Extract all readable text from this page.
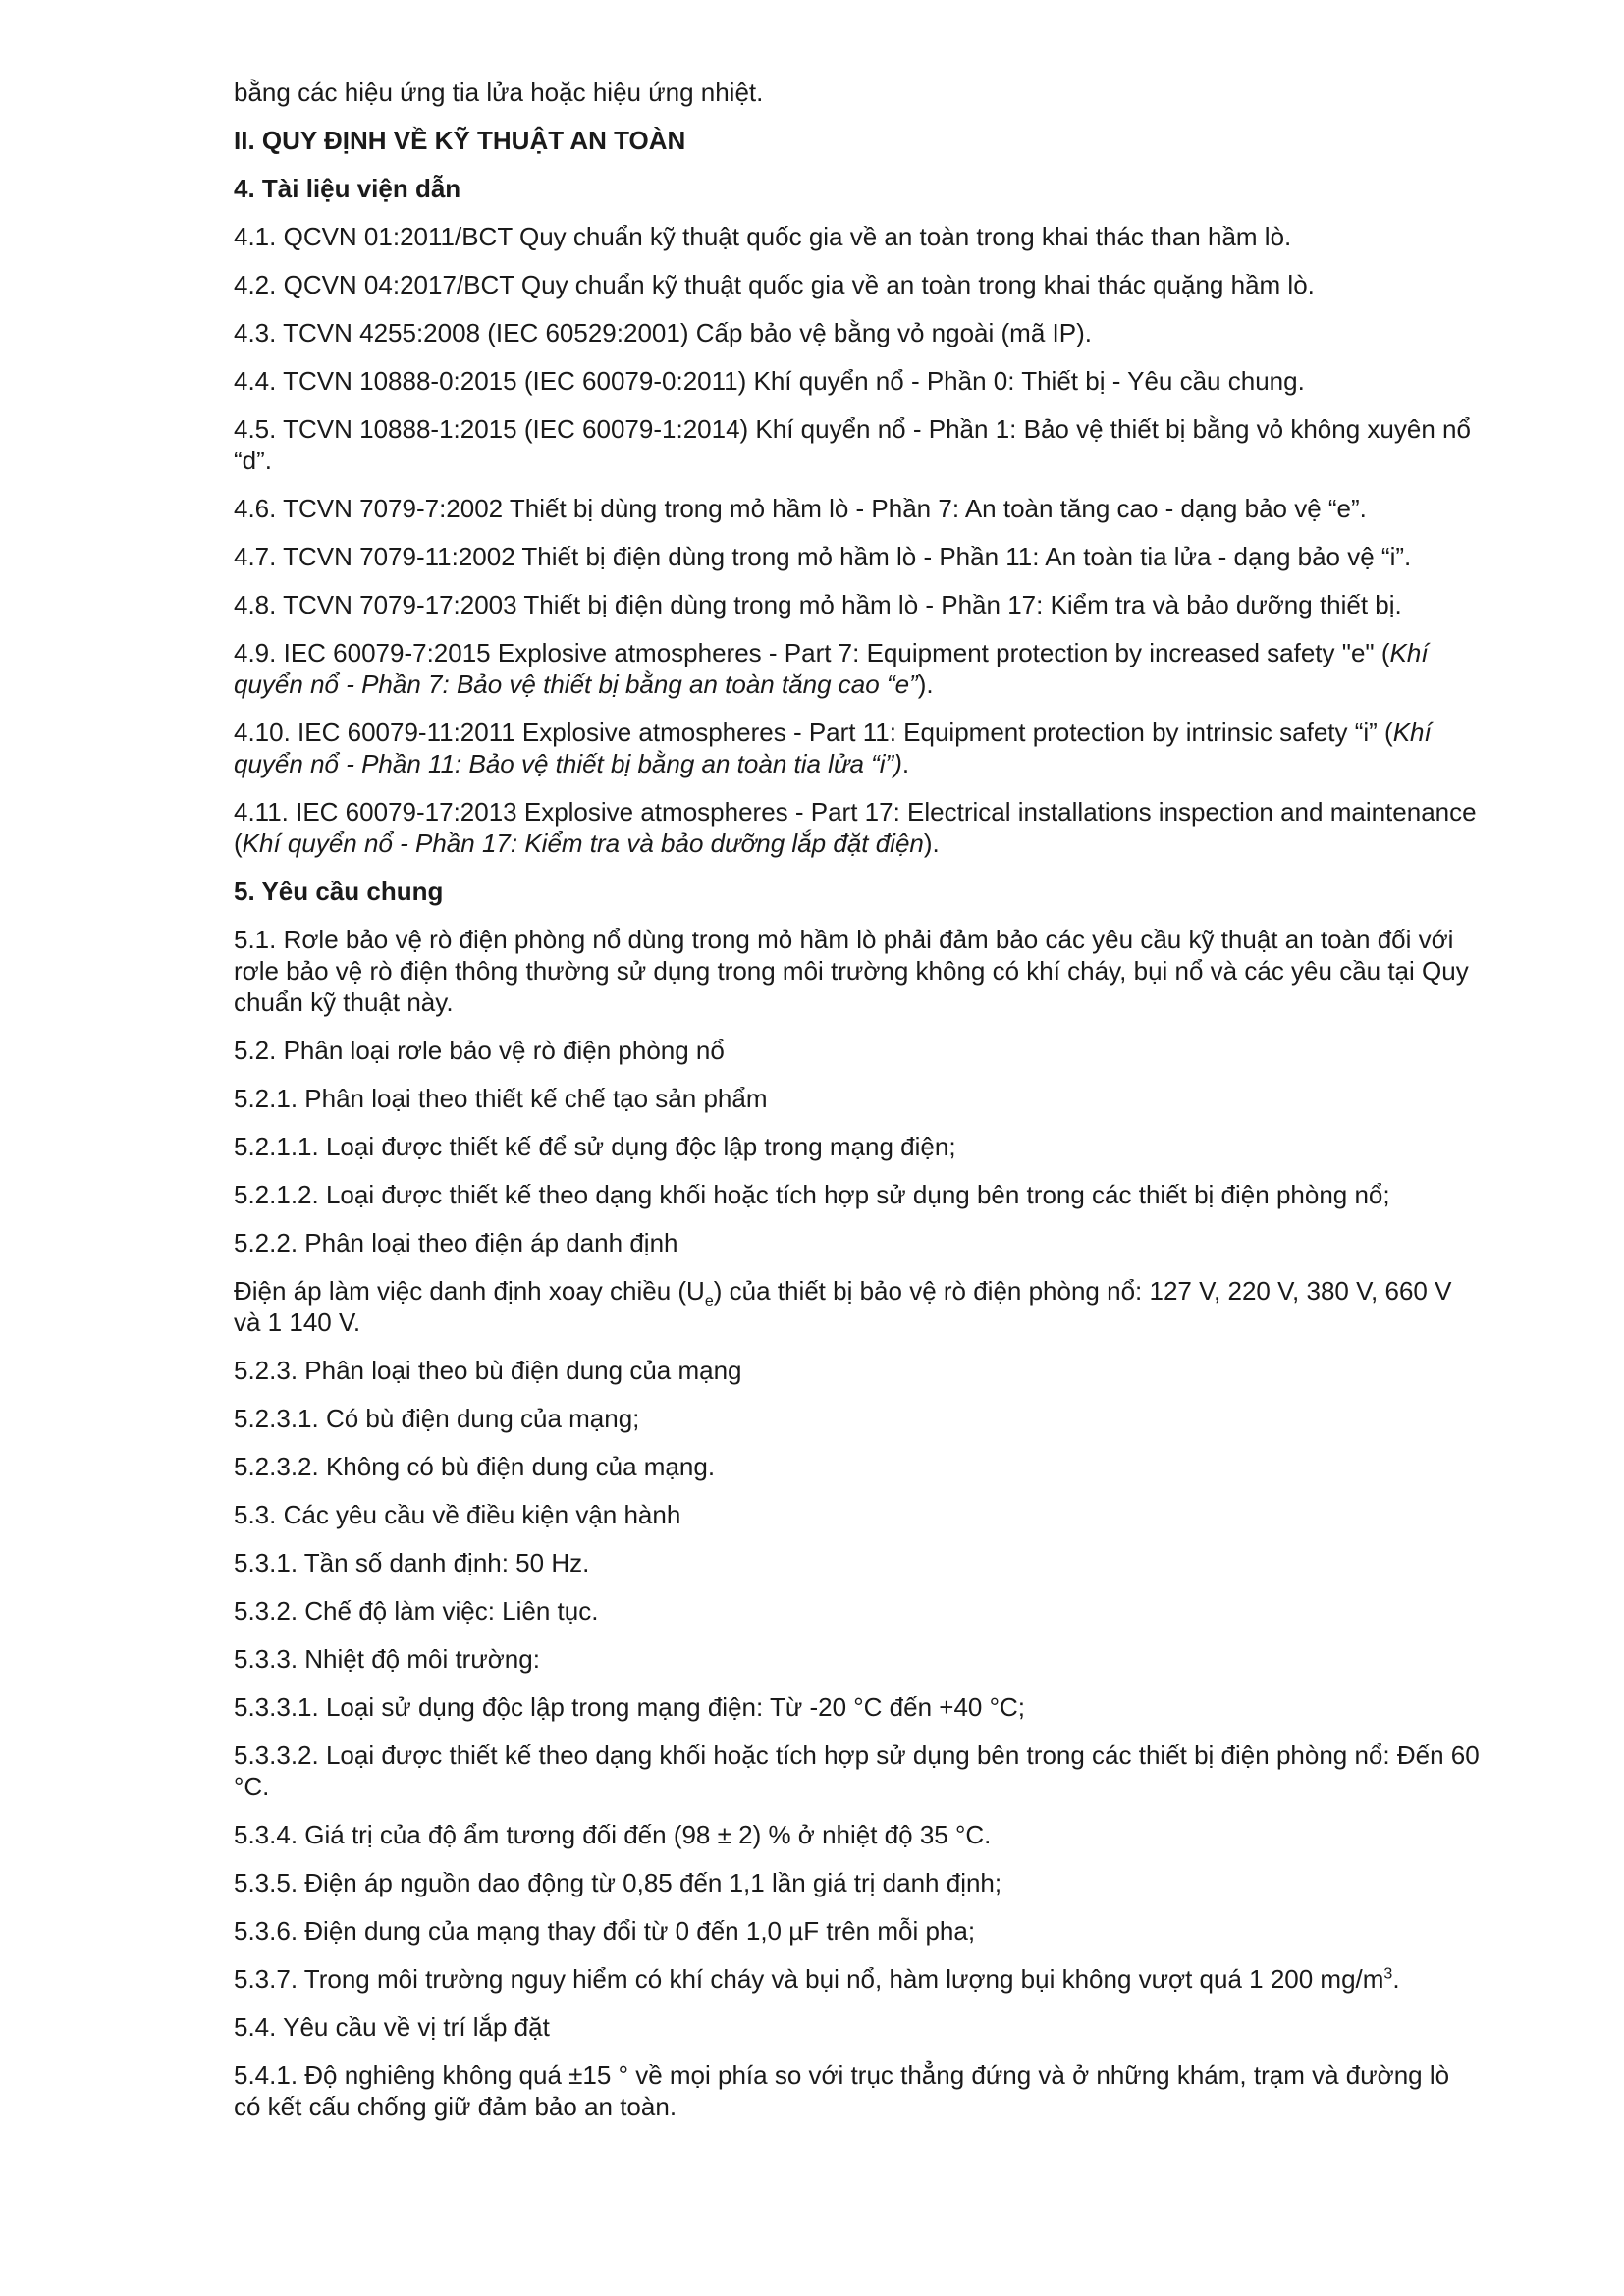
bằng các hiệu ứng tia lửa hoặc hiệu ứng nhiệt.

II. QUY ĐỊNH VỀ KỸ THUẬT AN TOÀN

4. Tài liệu viện dẫn

4.1. QCVN 01:2011/BCT Quy chuẩn kỹ thuật quốc gia về an toàn trong khai thác than hầm lò.

4.2. QCVN 04:2017/BCT Quy chuẩn kỹ thuật quốc gia về an toàn trong khai thác quặng hầm lò.

4.3. TCVN 4255:2008 (IEC 60529:2001) Cấp bảo vệ bằng vỏ ngoài (mã IP).

4.4. TCVN 10888-0:2015 (IEC 60079-0:2011) Khí quyển nổ - Phần 0: Thiết bị - Yêu cầu chung.

4.5. TCVN 10888-1:2015 (IEC 60079-1:2014) Khí quyển nổ - Phần 1: Bảo vệ thiết bị bằng vỏ không xuyên nổ “d”.

4.6. TCVN 7079-7:2002 Thiết bị dùng trong mỏ hầm lò - Phần 7: An toàn tăng cao - dạng bảo vệ “e”.

4.7. TCVN 7079-11:2002 Thiết bị điện dùng trong mỏ hầm lò - Phần 11: An toàn tia lửa - dạng bảo vệ “i”.

4.8. TCVN 7079-17:2003 Thiết bị điện dùng trong mỏ hầm lò - Phần 17: Kiểm tra và bảo dưỡng thiết bị.

4.9. IEC 60079-7:2015 Explosive atmospheres - Part 7: Equipment protection by increased safety "e" (Khí quyển nổ - Phần 7: Bảo vệ thiết bị bằng an toàn tăng cao “e”).

4.10. IEC 60079-11:2011 Explosive atmospheres - Part 11: Equipment protection by intrinsic safety “i” (Khí quyển nổ - Phần 11: Bảo vệ thiết bị bằng an toàn tia lửa “i”).

4.11. IEC 60079-17:2013 Explosive atmospheres - Part 17: Electrical installations inspection and maintenance (Khí quyển nổ - Phần 17: Kiểm tra và bảo dưỡng lắp đặt điện).

5. Yêu cầu chung

5.1. Rơle bảo vệ rò điện phòng nổ dùng trong mỏ hầm lò phải đảm bảo các yêu cầu kỹ thuật an toàn đối với rơle bảo vệ rò điện thông thường sử dụng trong môi trường không có khí cháy, bụi nổ và các yêu cầu tại Quy chuẩn kỹ thuật này.

5.2. Phân loại rơle bảo vệ rò điện phòng nổ

5.2.1. Phân loại theo thiết kế chế tạo sản phẩm

5.2.1.1. Loại được thiết kế để sử dụng độc lập trong mạng điện;

5.2.1.2. Loại được thiết kế theo dạng khối hoặc tích hợp sử dụng bên trong các thiết bị điện phòng nổ;

5.2.2. Phân loại theo điện áp danh định

Điện áp làm việc danh định xoay chiều $(U_e)$ của thiết bị bảo vệ rò điện phòng nổ: 127 V, 220 V, 380 V, 660 V và 1 140 V.

5.2.3. Phân loại theo bù điện dung của mạng

5.2.3.1. Có bù điện dung của mạng;

5.2.3.2. Không có bù điện dung của mạng.

5.3. Các yêu cầu về điều kiện vận hành

5.3.1. Tần số danh định: 50 Hz.

5.3.2. Chế độ làm việc: Liên tục.

5.3.3. Nhiệt độ môi trường:

5.3.3.1. Loại sử dụng độc lập trong mạng điện: Từ -20 °C đến +40 °C;

5.3.3.2. Loại được thiết kế theo dạng khối hoặc tích hợp sử dụng bên trong các thiết bị điện phòng nổ: Đến 60 °C.

5.3.4. Giá trị của độ ẩm tương đối đến (98 ± 2) % ở nhiệt độ 35 °C.

5.3.5. Điện áp nguồn dao động từ 0,85 đến 1,1 lần giá trị danh định;

5.3.6. Điện dung của mạng thay đổi từ 0 đến 1,0 µF trên mỗi pha;

5.3.7. Trong môi trường nguy hiểm có khí cháy và bụi nổ, hàm lượng bụi không vượt quá 1 200 $mg/m^3$.

5.4. Yêu cầu về vị trí lắp đặt

5.4.1. Độ nghiêng không quá ±15 ° về mọi phía so với trục thẳng đứng và ở những khám, trạm và đường lò có kết cấu chống giữ đảm bảo an toàn.
